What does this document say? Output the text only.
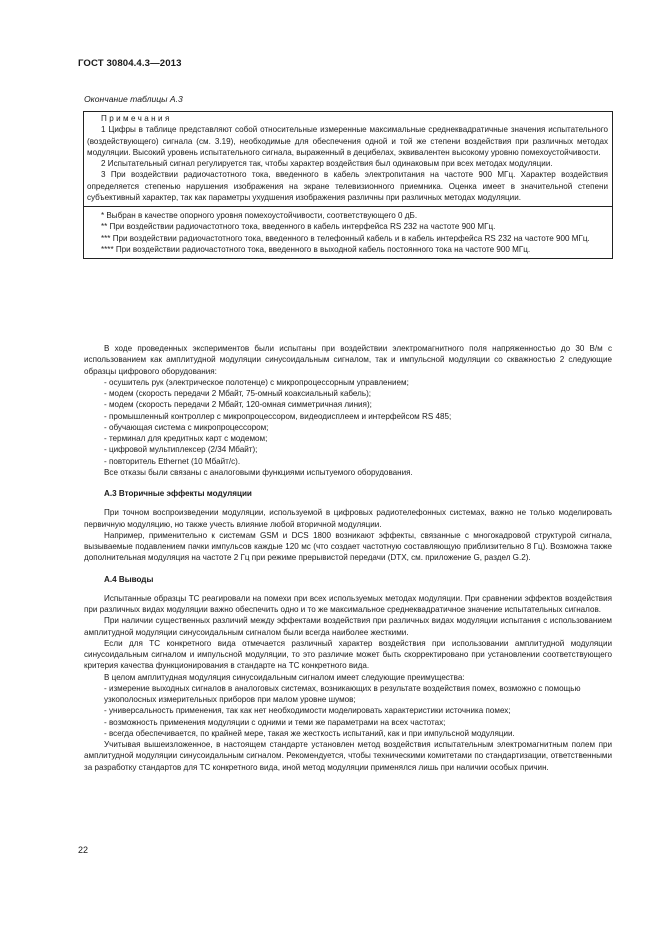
ГОСТ 30804.4.3—2013
Окончание таблицы А.3
Примечания

1 Цифры в таблице представляют собой относительные измеренные максимальные среднеквадратичные значения испытательного (воздействующего) сигнала (см. 3.19), необходимые для обеспечения одной и той же степени воздействия при различных методах модуляции. Высокий уровень испытательного сигнала, выраженный в децибелах, эквивалентен высокому уровню помехоустойчивости.

2 Испытательный сигнал регулируется так, чтобы характер воздействия был одинаковым при всех методах модуляции.

3 При воздействии радиочастотного тока, введенного в кабель электропитания на частоте 900 МГц. Характер воздействия определяется степенью нарушения изображения на экране телевизионного приемника. Оценка имеет в значительной степени субъективный характер, так как параметры ухудшения изображения различны при различных методах модуляции.

* Выбран в качестве опорного уровня помехоустойчивости, соответствующего 0 дБ.

** При воздействии радиочастотного тока, введенного в кабель интерфейса RS 232 на частоте 900 МГц.

*** При воздействии радиочастотного тока, введенного в телефонный кабель и в кабель интерфейса RS 232 на частоте 900 МГц.

**** При воздействии радиочастотного тока, введенного в выходной кабель постоянного тока на частоте 900 МГц.

В ходе проведенных экспериментов были испытаны при воздействии электромагнитного поля напряженностью до 30 В/м с использованием как амплитудной модуляции синусоидальным сигналом, так и импульсной модуляции со скважностью 2 следующие образцы цифрового оборудования:

- осушитель рук (электрическое полотенце) с микропроцессорным управлением;

- модем (скорость передачи 2 Мбайт, 75-омный коаксиальный кабель);

- модем (скорость передачи 2 Мбайт, 120-омная симметричная линия);

- промышленный контроллер с микропроцессором, видеодисплеем и интерфейсом RS 485;

- обучающая система с микропроцессором;

- терминал для кредитных карт с модемом;

- цифровой мультиплексер (2/34 Мбайт);

- повторитель Ethernet (10 Мбайт/с).

Все отказы были связаны с аналоговыми функциями испытуемого оборудования.

А.3 Вторичные эффекты модуляции

При точном воспроизведении модуляции, используемой в цифровых радиотелефонных системах, важно не только моделировать первичную модуляцию, но также учесть влияние любой вторичной модуляции.

Например, применительно к системам GSM и DCS 1800 возникают эффекты, связанные с многокадровой структурой сигнала, вызываемые подавлением пачки импульсов каждые 120 мс (что создает частотную составляющую приблизительно 8 Гц). Возможна также дополнительная модуляция на частоте 2 Гц при режиме прерывистой передачи (DTX, см. приложение G, раздел G.2).

А.4 Выводы

Испытанные образцы ТС реагировали на помехи при всех используемых методах модуляции. При сравнении эффектов воздействия при различных видах модуляции важно обеспечить одно и то же максимальное среднеквадратичное значение испытательных сигналов.

При наличии существенных различий между эффектами воздействия при различных видах модуляции испытания с использованием амплитудной модуляции синусоидальным сигналом были всегда наиболее жесткими.

Если для ТС конкретного вида отмечается различный характер воздействия при использовании амплитудной модуляции синусоидальным сигналом и импульсной модуляции, то это различие может быть скорректировано при установлении соответствующего критерия качества функционирования в стандарте на ТС конкретного вида.

В целом амплитудная модуляция синусоидальным сигналом имеет следующие преимущества:

- измерение выходных сигналов в аналоговых системах, возникающих в результате воздействия помех, возможно с помощью узкополосных измерительных приборов при малом уровне шумов;

- универсальность применения, так как нет необходимости моделировать характеристики источника помех;

- возможность применения модуляции с одними и теми же параметрами на всех частотах;

- всегда обеспечивается, по крайней мере, такая же жесткость испытаний, как и при импульсной модуляции.

Учитывая вышеизложенное, в настоящем стандарте установлен метод воздействия испытательным электромагнитным полем при амплитудной модуляции синусоидальным сигналом. Рекомендуется, чтобы техническими комитетами по стандартизации, ответственными за разработку стандартов для ТС конкретного вида, иной метод модуляции применялся лишь при наличии особых причин.

22
